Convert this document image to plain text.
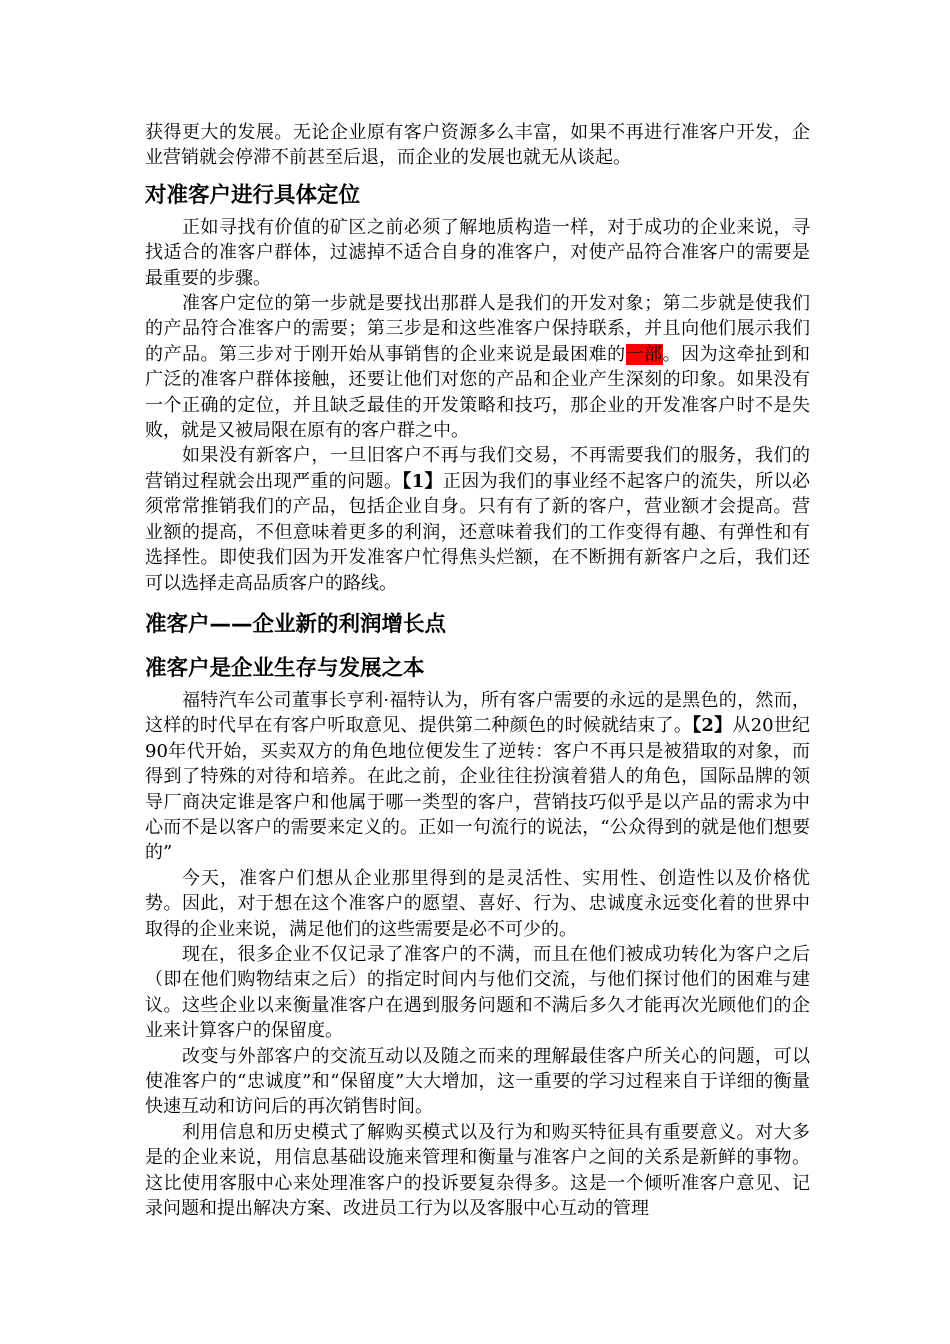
获得更大的发展。无论企业原有客户资源多么丰富，如果不再进行准客户开发，企业营销就会停滞不前甚至后退，而企业的发展也就无从谈起。

对准客户进行具体定位

正如寻找有价值的矿区之前必须了解地质构造一样，对于成功的企业来说，寻找适合的准客户群体，过滤掉不适合自身的准客户，对使产品符合准客户的需要是最重要的步骤。

准客户定位的第一步就是要找出那群人是我们的开发对象；第二步就是使我们的产品符合准客户的需要；第三步是和这些准客户保持联系，并且向他们展示我们的产品。第三步对于刚开始从事销售的企业来说是最困难的一部。因为这牵扯到和广泛的准客户群体接触，还要让他们对您的产品和企业产生深刻的印象。如果没有一个正确的定位，并且缺乏最佳的开发策略和技巧，那企业的开发准客户时不是失败，就是又被局限在原有的客户群之中。

如果没有新客户，一旦旧客户不再与我们交易，不再需要我们的服务，我们的营销过程就会出现严重的问题。【1】正因为我们的事业经不起客户的流失，所以必须常常推销我们的产品，包括企业自身。只有有了新的客户，营业额才会提高。营业额的提高，不但意味着更多的利润，还意味着我们的工作变得有趣、有弹性和有选择性。即使我们因为开发准客户忙得焦头烂额，在不断拥有新客户之后，我们还可以选择走高品质客户的路线。

准客户——企业新的利润增长点
准客户是企业生存与发展之本

福特汽车公司董事长亨利·福特认为，所有客户需要的永远的是黑色的，然而，这样的时代早在有客户听取意见、提供第二种颜色的时候就结束了。【2】从20世纪90年代开始，买卖双方的角色地位便发生了逆转：客户不再只是被猎取的对象，而得到了特殊的对待和培养。在此之前，企业往往扮演着猎人的角色，国际品牌的领导厂商决定谁是客户和他属于哪一类型的客户，营销技巧似乎是以产品的需求为中心而不是以客户的需要来定义的。正如一句流行的说法，“公众得到的就是他们想要的”

今天，准客户们想从企业那里得到的是灵活性、实用性、创造性以及价格优势。因此，对于想在这个准客户的愿望、喜好、行为、忠诚度永远变化着的世界中取得的企业来说，满足他们的这些需要是必不可少的。

现在，很多企业不仅记录了准客户的不满，而且在他们被成功转化为客户之后（即在他们购物结束之后）的指定时间内与他们交流，与他们探讨他们的困难与建议。这些企业以来衡量准客户在遇到服务问题和不满后多久才能再次光顾他们的企业来计算客户的保留度。

改变与外部客户的交流互动以及随之而来的理解最佳客户所关心的问题，可以使准客户的“忠诚度”和“保留度”大大增加，这一重要的学习过程来自于详细的衡量快速互动和访问后的再次销售时间。

利用信息和历史模式了解购买模式以及行为和购买特征具有重要意义。对大多是的企业来说，用信息基础设施来管理和衡量与准客户之间的关系是新鲜的事物。这比使用客服中心来处理准客户的投诉要复杂得多。这是一个倾听准客户意见、记录问题和提出解决方案、改进员工行为以及客服中心互动的管理
